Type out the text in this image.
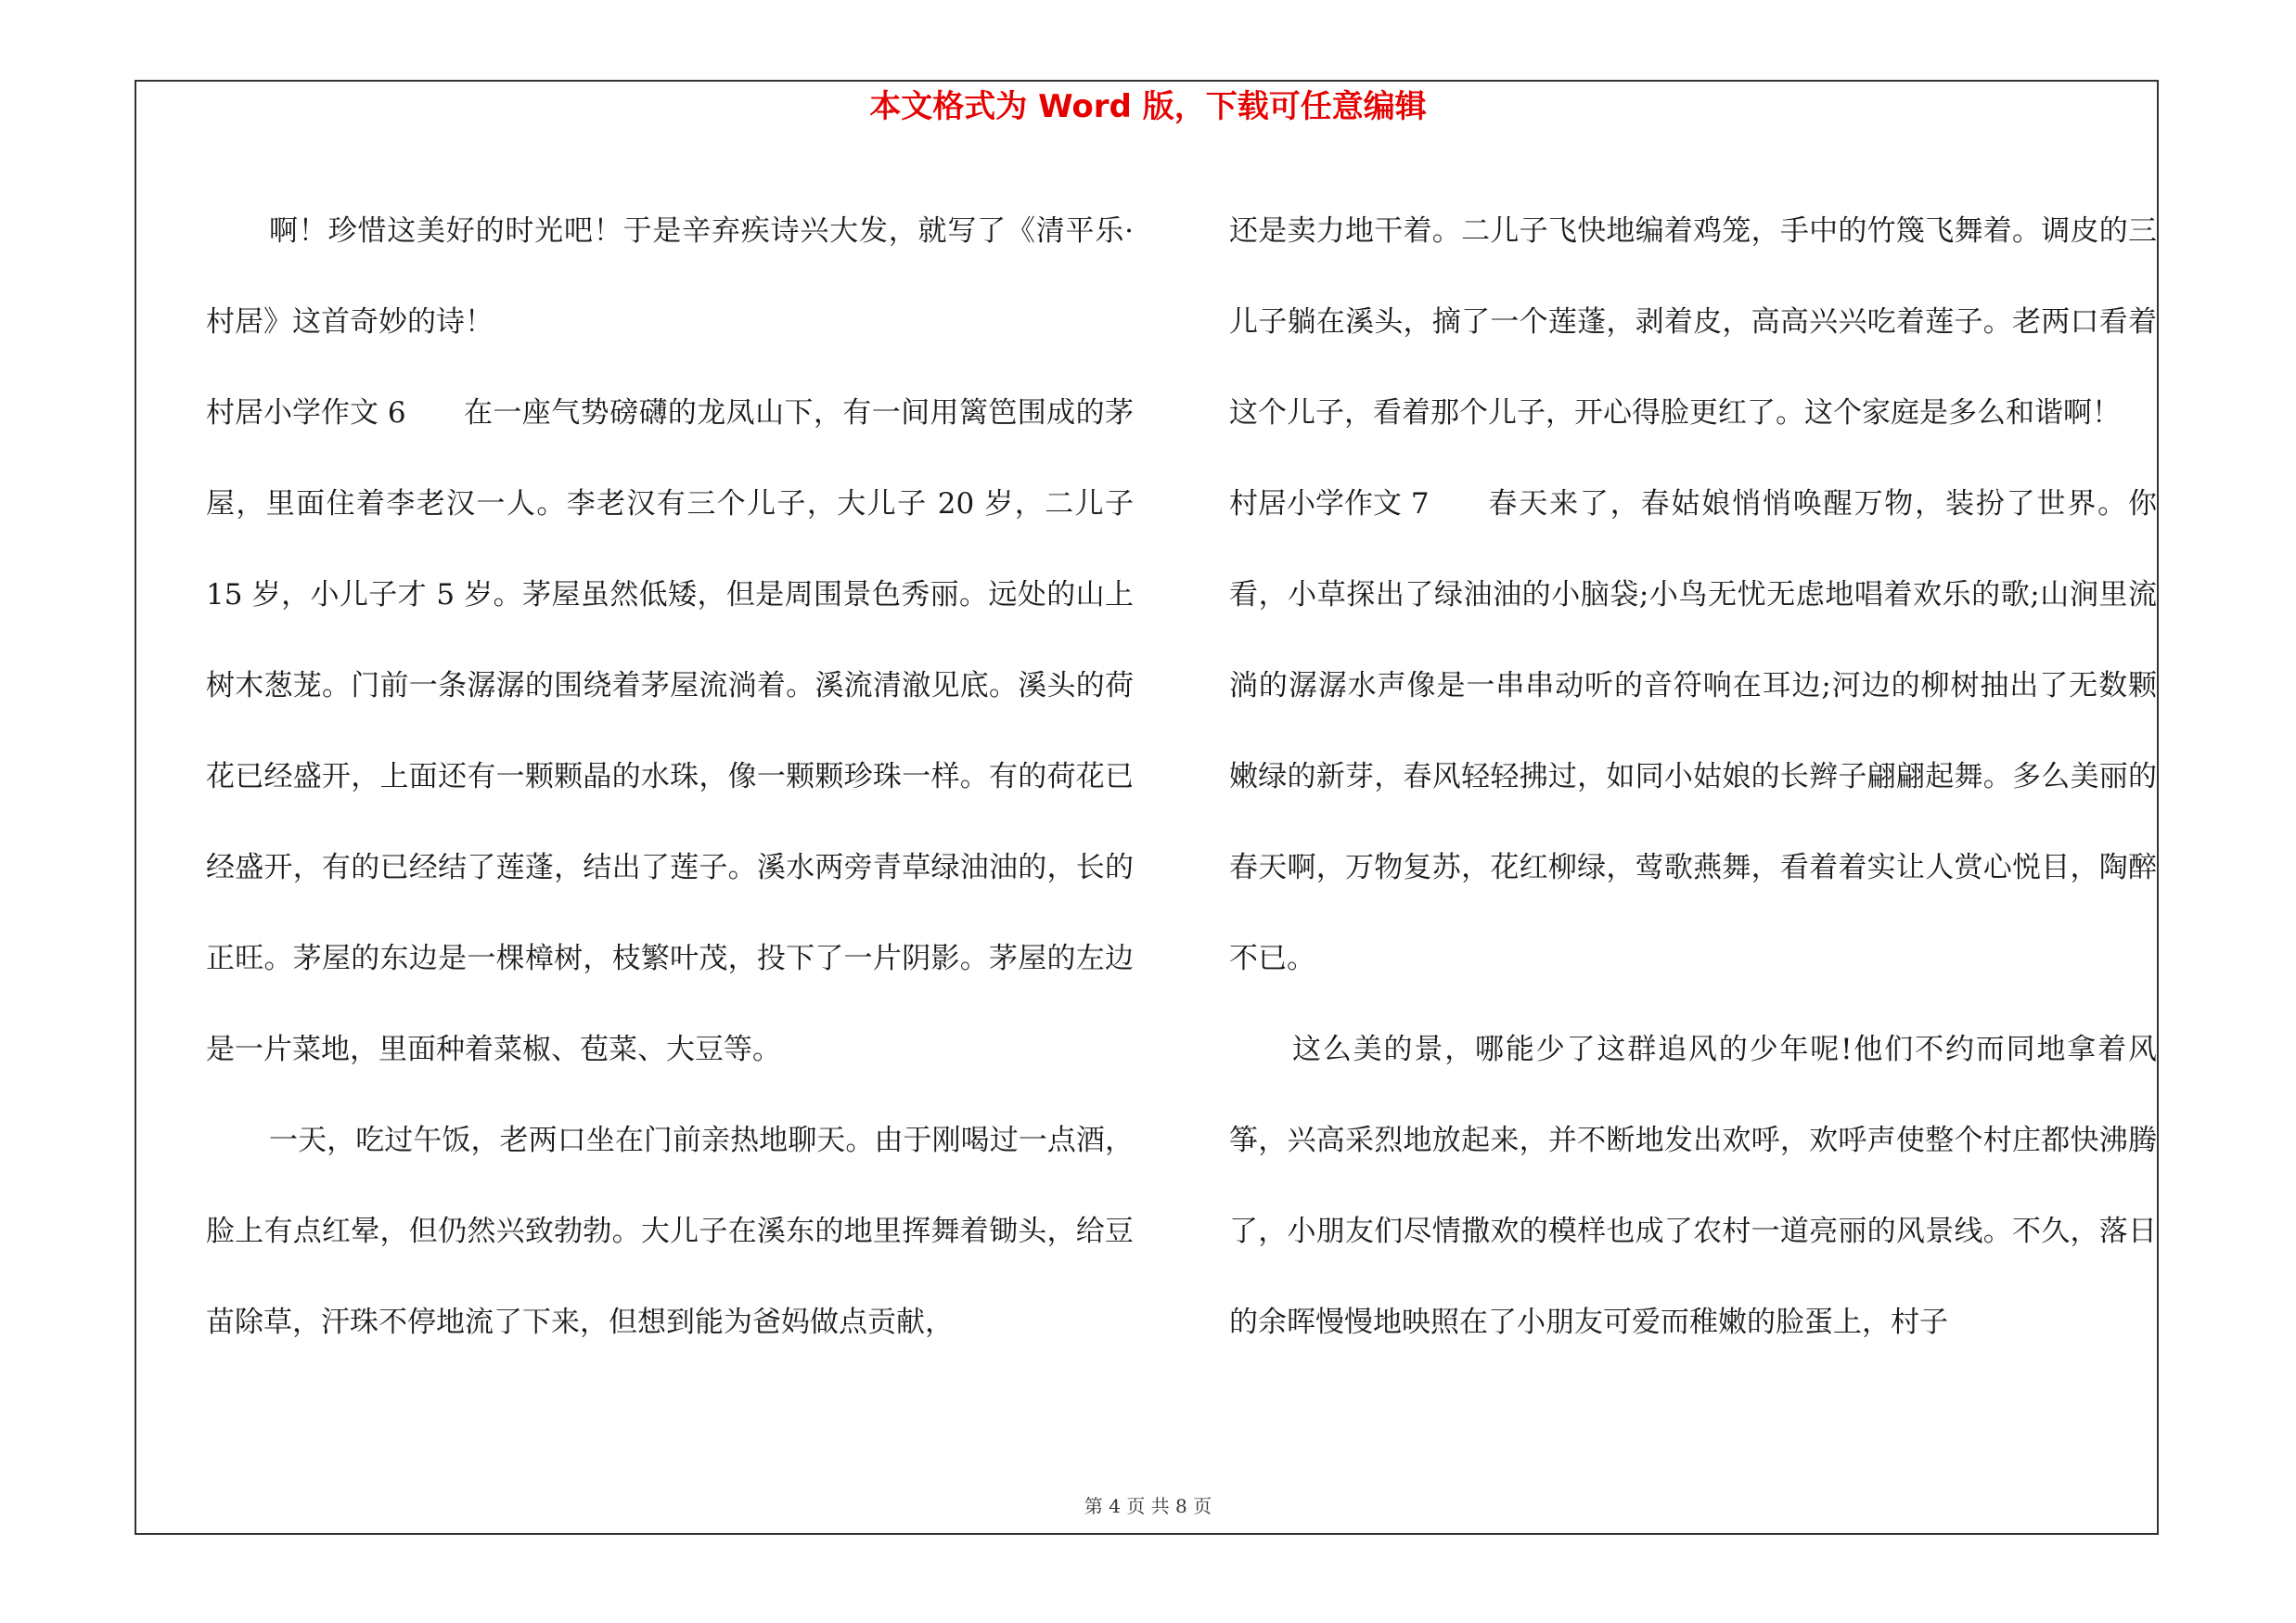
本文格式为 Word 版，下载可任意编辑

啊！珍惜这美好的时光吧！于是辛弃疾诗兴大发，就写了《清平乐·村居》这首奇妙的诗！

村居小学作文 6 在一座气势磅礴的龙凤山下，有一间用篱笆围成的茅屋，里面住着李老汉一人。李老汉有三个儿子，大儿子 20 岁，二儿子 15 岁，小儿子才 5 岁。茅屋虽然低矮，但是周围景色秀丽。远处的山上树木葱茏。门前一条潺潺的围绕着茅屋流淌着。溪流清澈见底。溪头的荷花已经盛开，上面还有一颗颗晶的水珠，像一颗颗珍珠一样。有的荷花已经盛开，有的已经结了莲蓬，结出了莲子。溪水两旁青草绿油油的，长的正旺。茅屋的东边是一棵樟树，枝繁叶茂，投下了一片阴影。茅屋的左边是一片菜地，里面种着菜椒、苞菜、大豆等。

一天，吃过午饭，老两口坐在门前亲热地聊天。由于刚喝过一点酒，脸上有点红晕，但仍然兴致勃勃。大儿子在溪东的地里挥舞着锄头，给豆苗除草，汗珠不停地流了下来，但想到能为爸妈做点贡献，

还是卖力地干着。二儿子飞快地编着鸡笼，手中的竹篾飞舞着。调皮的三儿子躺在溪头，摘了一个莲蓬，剥着皮，高高兴兴吃着莲子。老两口看着这个儿子，看着那个儿子，开心得脸更红了。这个家庭是多么和谐啊！

村居小学作文 7 春天来了，春姑娘悄悄唤醒万物，装扮了世界。你看，小草探出了绿油油的小脑袋;小鸟无忧无虑地唱着欢乐的歌;山涧里流淌的潺潺水声像是一串串动听的音符响在耳边;河边的柳树抽出了无数颗嫩绿的新芽，春风轻轻拂过，如同小姑娘的长辫子翩翩起舞。多么美丽的春天啊，万物复苏，花红柳绿，莺歌燕舞，看着着实让人赏心悦目，陶醉不已。

这么美的景，哪能少了这群追风的少年呢!他们不约而同地拿着风筝，兴高采烈地放起来，并不断地发出欢呼，欢呼声使整个村庄都快沸腾了，小朋友们尽情撒欢的模样也成了农村一道亮丽的风景线。不久，落日的余晖慢慢地映照在了小朋友可爱而稚嫩的脸蛋上，村子

第 4 页 共 8 页
